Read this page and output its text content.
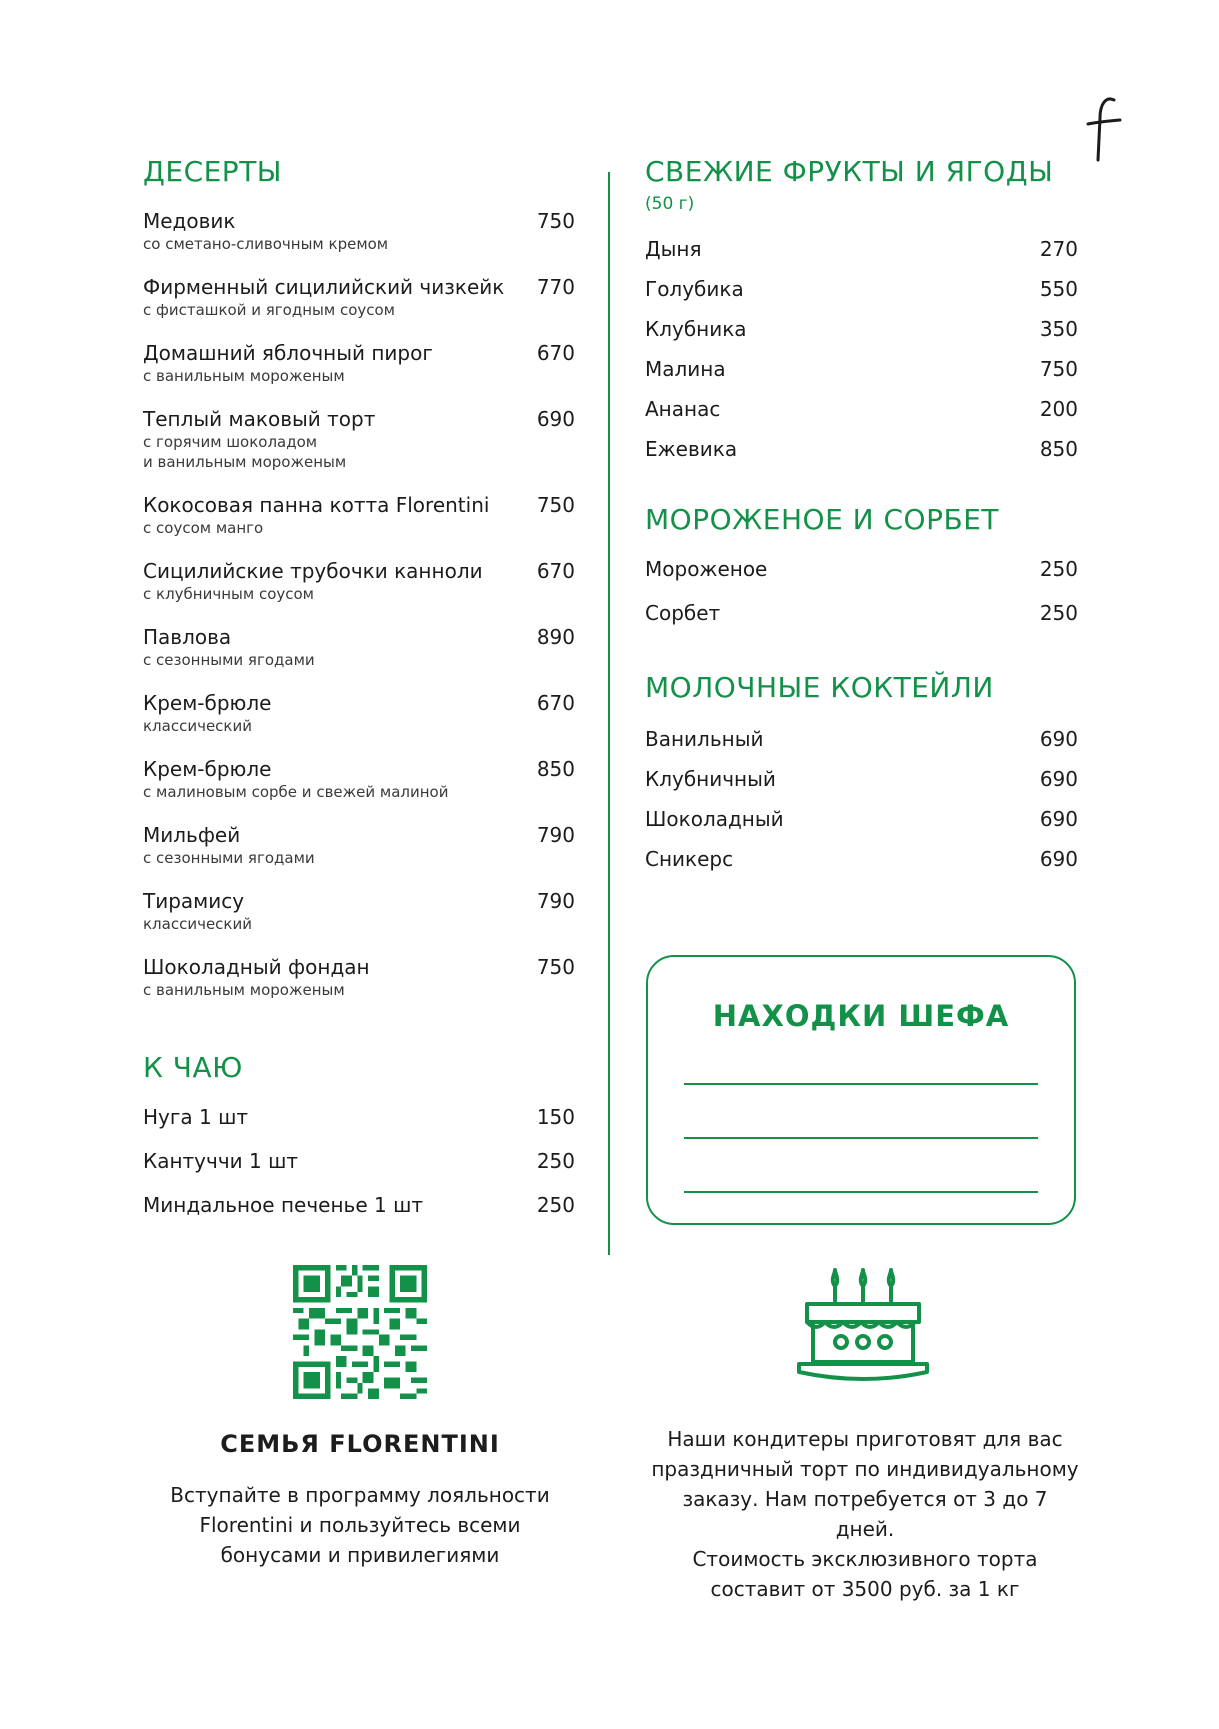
ДЕСЕРТЫ
Медовик	750
со сметано-сливочным кремом
Фирменный сицилийский чизкейк	770
с фисташкой и ягодным соусом
Домашний яблочный пирог	670
с ванильным мороженым
Теплый маковый торт	690
с горячим шоколадом
и ванильным мороженым
Кокосовая панна котта Florentini	750
с соусом манго
Сицилийские трубочки канноли	670
с клубничным соусом
Павлова	890
с сезонными ягодами
Крем-брюле	670
классический
Крем-брюле	850
с малиновым сорбе и свежей малиной
Мильфей	790
с сезонными ягодами
Тирамису	790
классический
Шоколадный фондан	750
с ванильным мороженым
К ЧАЮ
Нуга 1 шт	150
Кантуччи 1 шт	250
Миндальное печенье 1 шт	250
СВЕЖИЕ ФРУКТЫ И ЯГОДЫ
(50 г)
Дыня	270
Голубика	550
Клубника	350
Малина	750
Ананас	200
Ежевика	850
МОРОЖЕНОЕ И СОРБЕТ
Мороженое	250
Сорбет	250
МОЛОЧНЫЕ КОКТЕЙЛИ
Ванильный	690
Клубничный	690
Шоколадный	690
Сникерс	690
НАХОДКИ ШЕФА
СЕМЬЯ FLORENTINI
Вступайте в программу лояльности
Florentini и пользуйтесь всеми
бонусами и привилегиями
Наши кондитеры приготовят для вас
праздничный торт по индивидуальному
заказу. Нам потребуется от 3 до 7 дней.
Стоимость эксклюзивного торта
составит от 3500 руб. за 1 кг
